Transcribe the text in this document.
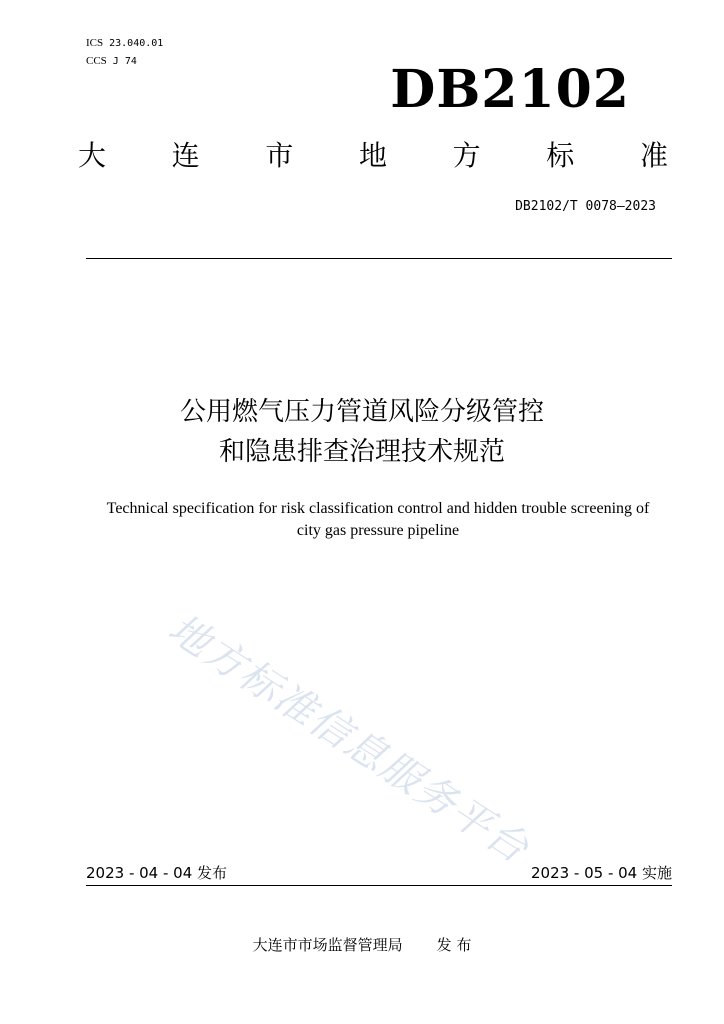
ICS 23.040.01
CCS J 74	DB2102
大 连 市 地 方 标 准
DB2102/T 0078—2023
公用燃气压力管道风险分级管控
和隐患排查治理技术规范
Technical specification for risk classification control and hidden trouble screening of
city gas pressure pipeline
地方标准信息服务平台
2023 - 04 - 04 发布	2023 - 05 - 04 实施
大连市市场监督管理局 发 布
